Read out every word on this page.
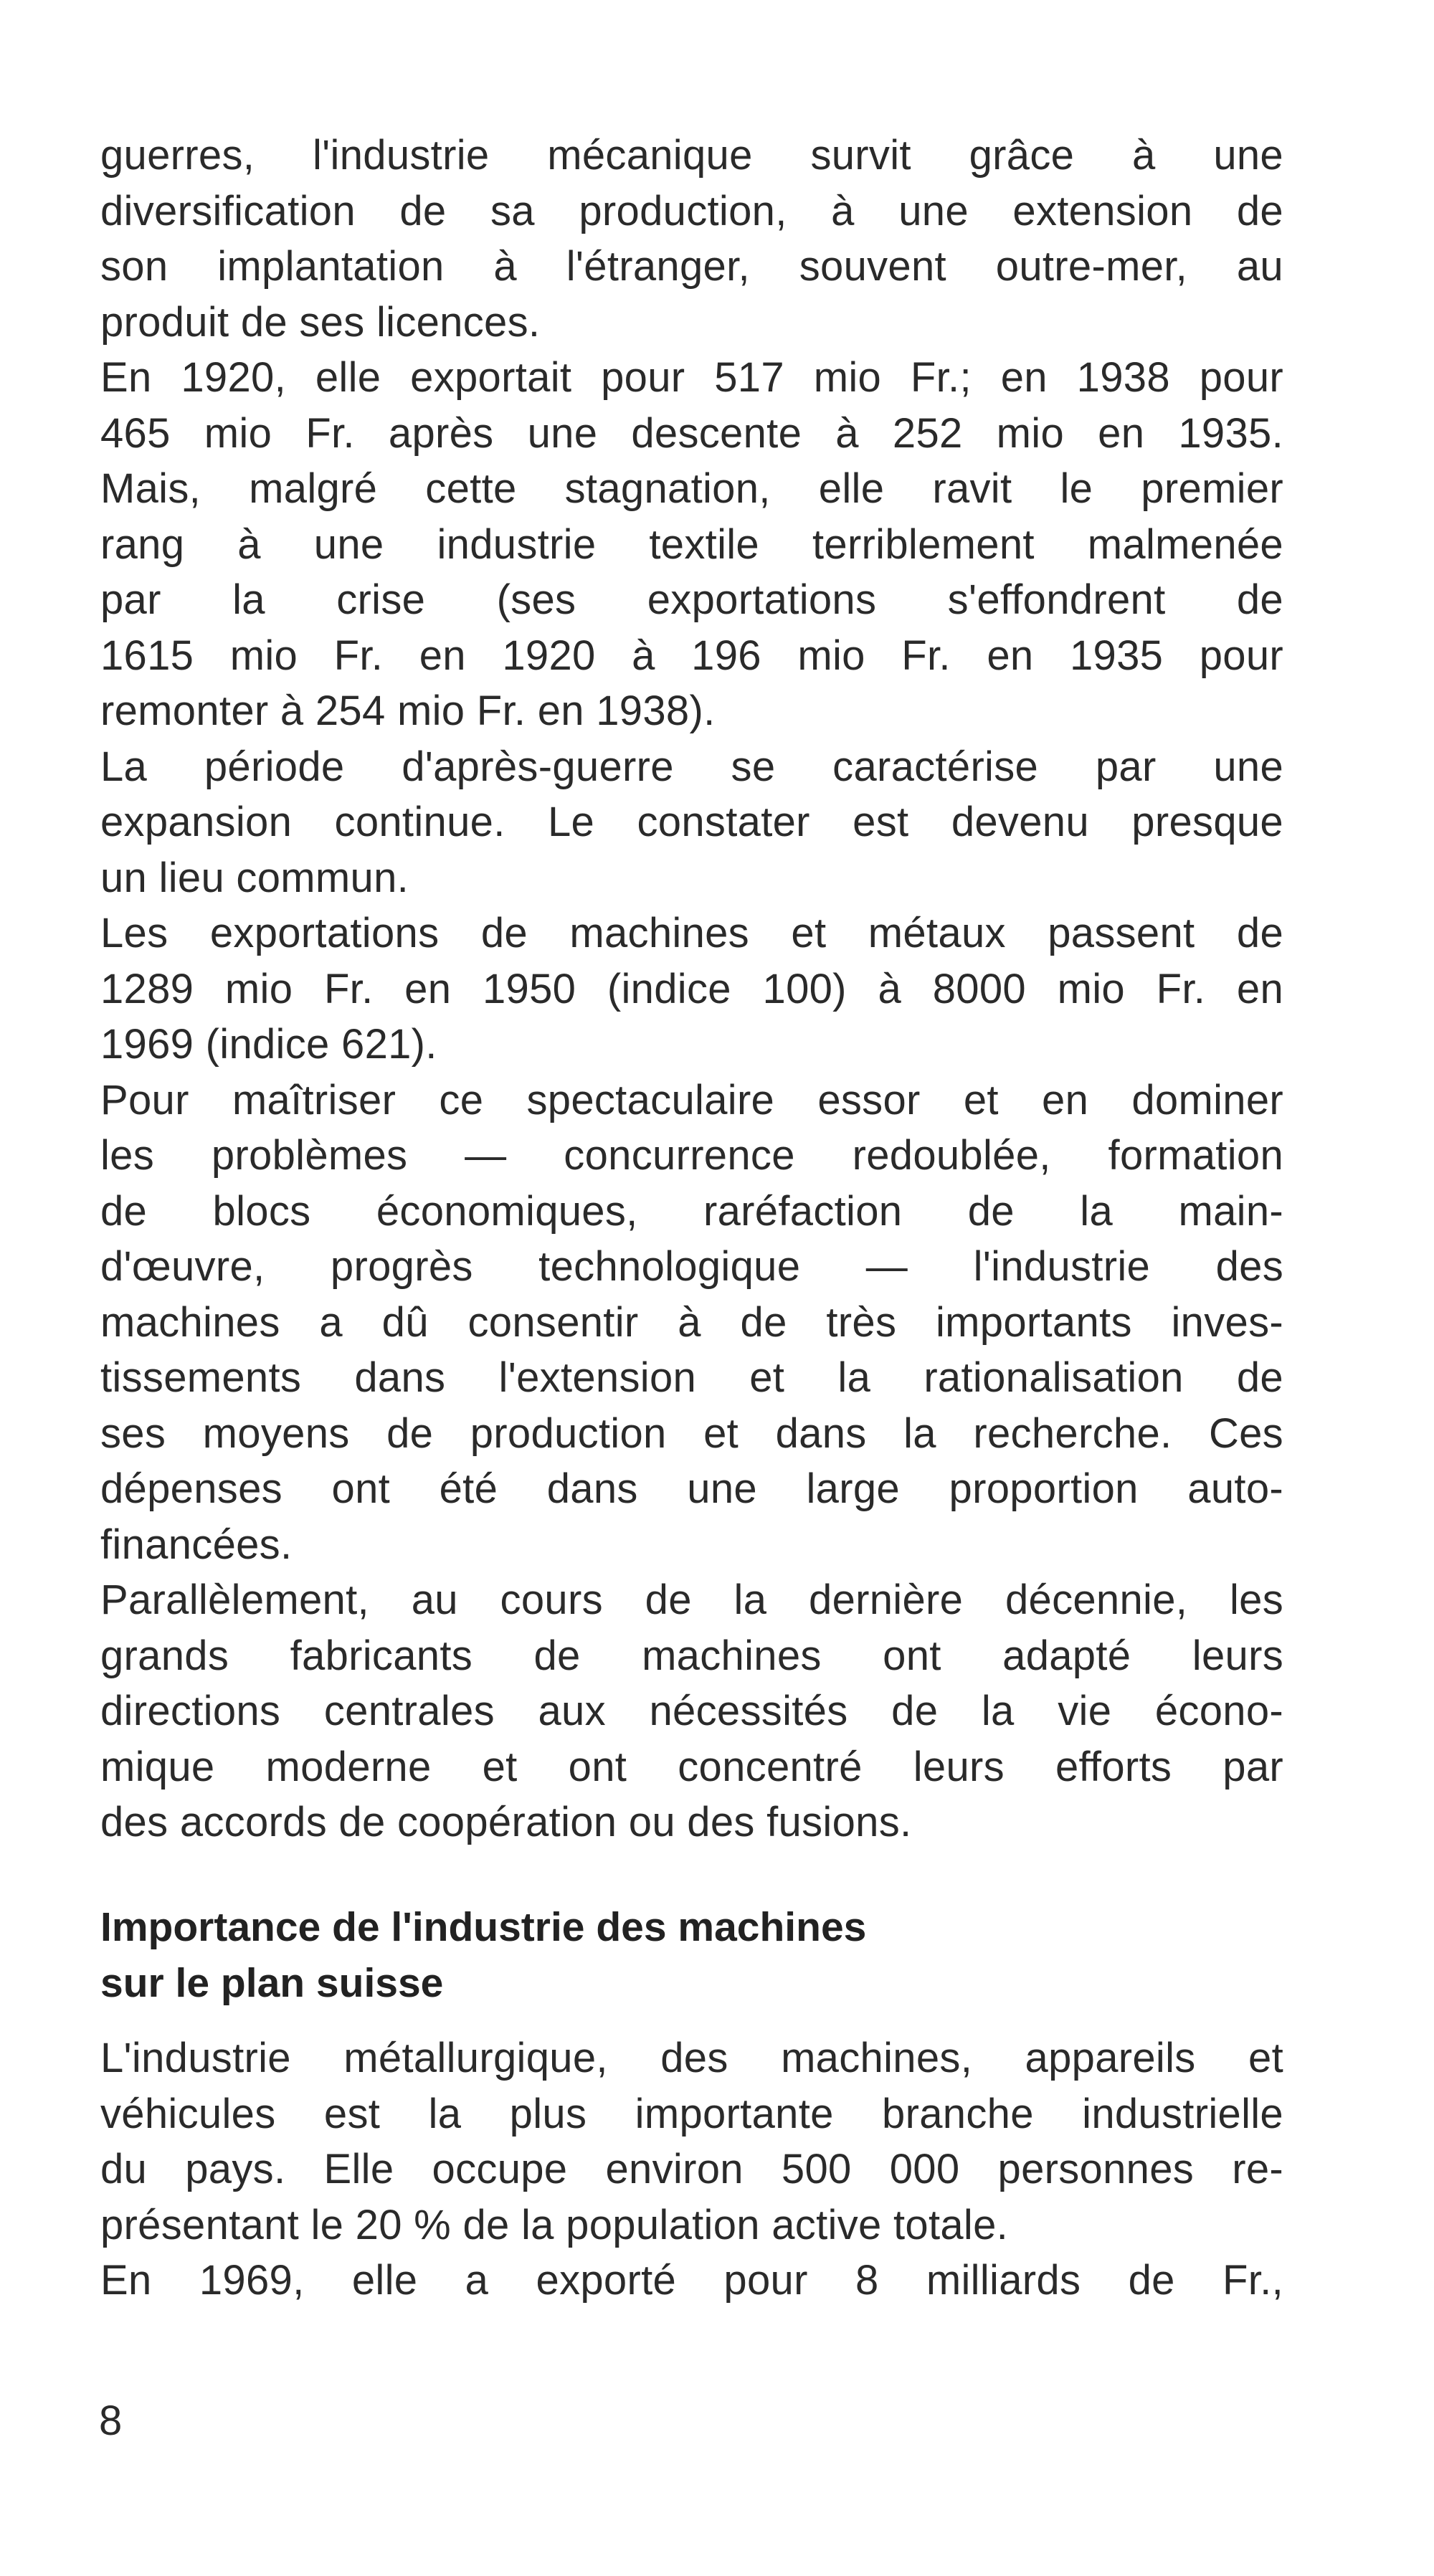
guerres, l'industrie mécanique survit grâce à une
diversification de sa production, à une extension de
son implantation à l'étranger, souvent outre-mer, au
produit de ses licences.
En 1920, elle exportait pour 517 mio Fr.; en 1938 pour
465 mio Fr. après une descente à 252 mio en 1935.
Mais, malgré cette stagnation, elle ravit le premier
rang à une industrie textile terriblement malmenée
par la crise (ses exportations s'effondrent de
1615 mio Fr. en 1920 à 196 mio Fr. en 1935 pour
remonter à 254 mio Fr. en 1938).
La période d'après-guerre se caractérise par une
expansion continue. Le constater est devenu presque
un lieu commun.
Les exportations de machines et métaux passent de
1289 mio Fr. en 1950 (indice 100) à 8000 mio Fr. en
1969 (indice 621).
Pour maîtriser ce spectaculaire essor et en dominer
les problèmes — concurrence redoublée, formation
de blocs économiques, raréfaction de la main-
d'œuvre, progrès technologique — l'industrie des
machines a dû consentir à de très importants inves-
tissements dans l'extension et la rationalisation de
ses moyens de production et dans la recherche. Ces
dépenses ont été dans une large proportion auto-
financées.
Parallèlement, au cours de la dernière décennie, les
grands fabricants de machines ont adapté leurs
directions centrales aux nécessités de la vie écono-
mique moderne et ont concentré leurs efforts par
des accords de coopération ou des fusions.
Importance de l'industrie des machines
sur le plan suisse
L'industrie métallurgique, des machines, appareils et
véhicules est la plus importante branche industrielle
du pays. Elle occupe environ 500 000 personnes re-
présentant le 20 % de la population active totale.
En 1969, elle a exporté pour 8 milliards de Fr.,
8
